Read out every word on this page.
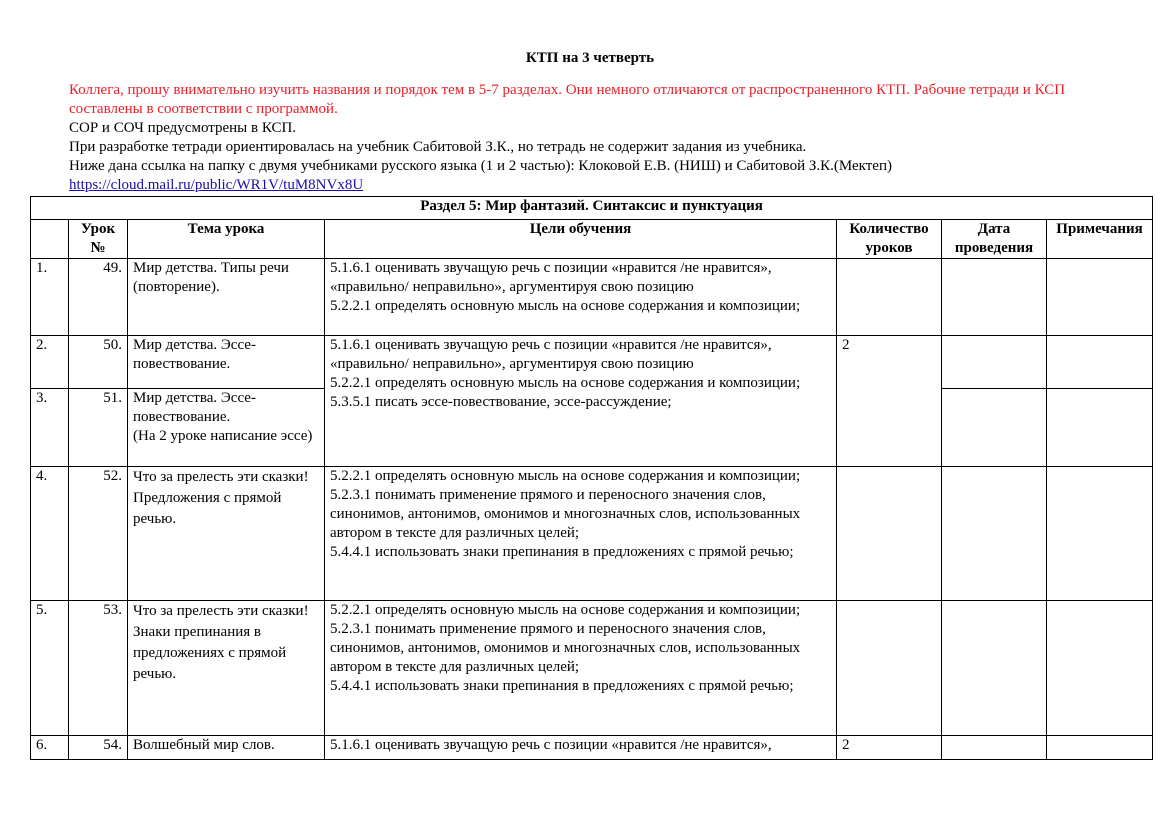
КТП на 3 четверть

Коллега, прошу внимательно изучить названия и порядок тем в 5-7 разделах. Они немного отличаются от распространенного КТП. Рабочие тетради и КСП составлены в соответствии с программой.

СОР и СОЧ предусмотрены в КСП.

При разработке тетради ориентировалась на учебник Сабитовой З.К., но тетрадь не содержит задания из учебника.

Ниже дана ссылка на папку с двумя учебниками русского языка (1 и 2 частью): Клоковой Е.В. (НИШ) и Сабитовой З.К.(Мектеп)

https://cloud.mail.ru/public/WR1V/tuM8NVx8U

Раздел 5: Мир фантазий. Синтаксис и пунктуация						
	Урок №	Тема урока	Цели обучения	Количество уроков	Дата проведения	Примечания
1.	49.	Мир детства. Типы речи (повторение).	5.1.6.1 оценивать звучащую речь с позиции «нравится /не нравится», «правильно/ неправильно», аргументируя свою позицию

5.2.2.1 определять основную мысль на основе содержания и композиции;			

2.	50.	Мир детства. Эссе-повествование.	5.1.6.1 оценивать звучащую речь с позиции «нравится /не нравится», «правильно/ неправильно», аргументируя свою позицию

5.2.2.1 определять основную мысль на основе содержания и композиции;

5.3.5.1 писать эссе-повествование, эссе-рассуждение;	2		
3.	51.	Мир детства. Эссе-повествование.
(На 2 уроке написание эссе)				

4.	52.	Что за прелесть эти сказки! Предложения с прямой речью.	5.2.2.1 определять основную мысль на основе содержания и композиции;

5.2.3.1 понимать применение прямого и переносного значения слов, синонимов, антонимов, омонимов и многозначных слов, использованных автором в тексте для различных целей;

5.4.4.1 использовать знаки препинания в предложениях с прямой речью;			

5.	53.	Что за прелесть эти сказки!  Знаки препинания в предложениях с прямой речью.	5.2.2.1 определять основную мысль на основе содержания и композиции;

5.2.3.1 понимать применение прямого и переносного значения слов, синонимов, антонимов, омонимов и многозначных слов, использованных автором в тексте для различных целей;

5.4.4.1 использовать знаки препинания в предложениях с прямой речью;			

6.	54.	Волшебный мир слов.	5.1.6.1 оценивать звучащую речь с позиции «нравится /не нравится»,	2		
